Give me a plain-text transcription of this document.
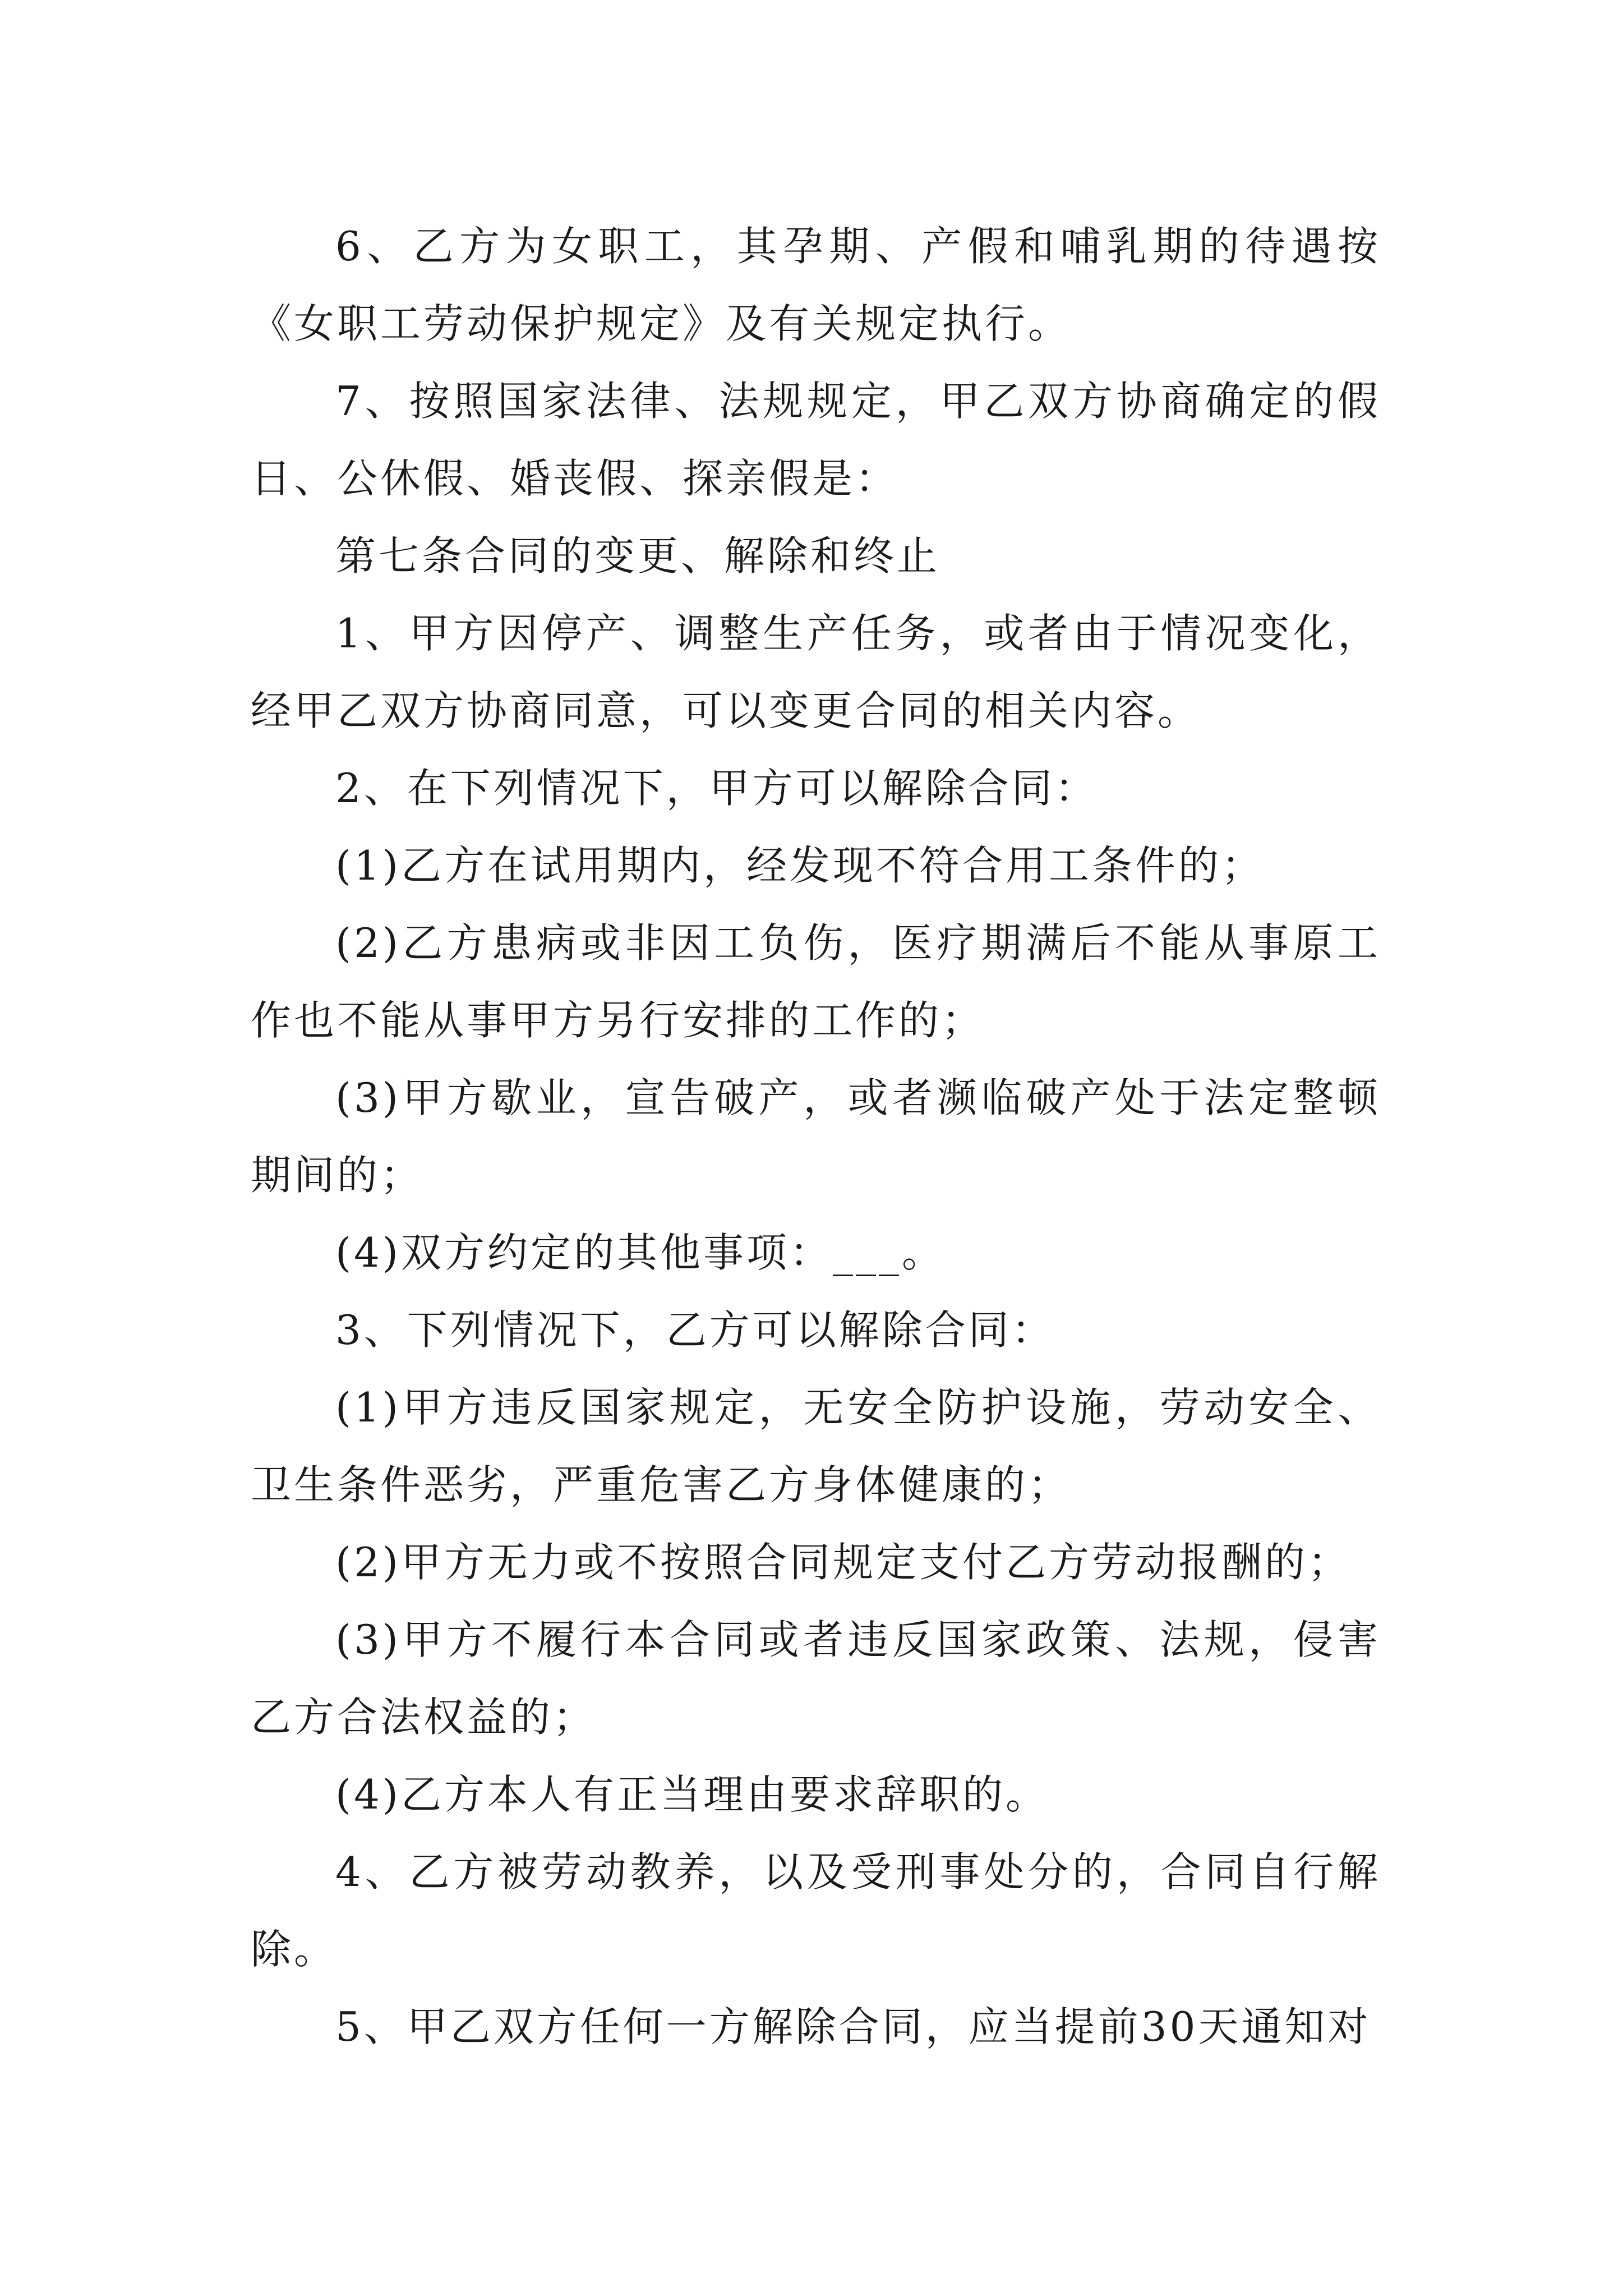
6、乙方为女职工，其孕期、产假和哺乳期的待遇按《女职工劳动保护规定》及有关规定执行。

7、按照国家法律、法规规定，甲乙双方协商确定的假日、公休假、婚丧假、探亲假是：

第七条合同的变更、解除和终止

1、甲方因停产、调整生产任务，或者由于情况变化，经甲乙双方协商同意，可以变更合同的相关内容。

2、在下列情况下，甲方可以解除合同：

(1)乙方在试用期内，经发现不符合用工条件的；

(2)乙方患病或非因工负伤，医疗期满后不能从事原工作也不能从事甲方另行安排的工作的；

(3)甲方歇业，宣告破产，或者濒临破产处于法定整顿期间的；

(4)双方约定的其他事项：___。

3、下列情况下，乙方可以解除合同：

(1)甲方违反国家规定，无安全防护设施，劳动安全、卫生条件恶劣，严重危害乙方身体健康的；

(2)甲方无力或不按照合同规定支付乙方劳动报酬的；

(3)甲方不履行本合同或者违反国家政策、法规，侵害乙方合法权益的；

(4)乙方本人有正当理由要求辞职的。

4、乙方被劳动教养，以及受刑事处分的，合同自行解除。

5、甲乙双方任何一方解除合同，应当提前30天通知对
